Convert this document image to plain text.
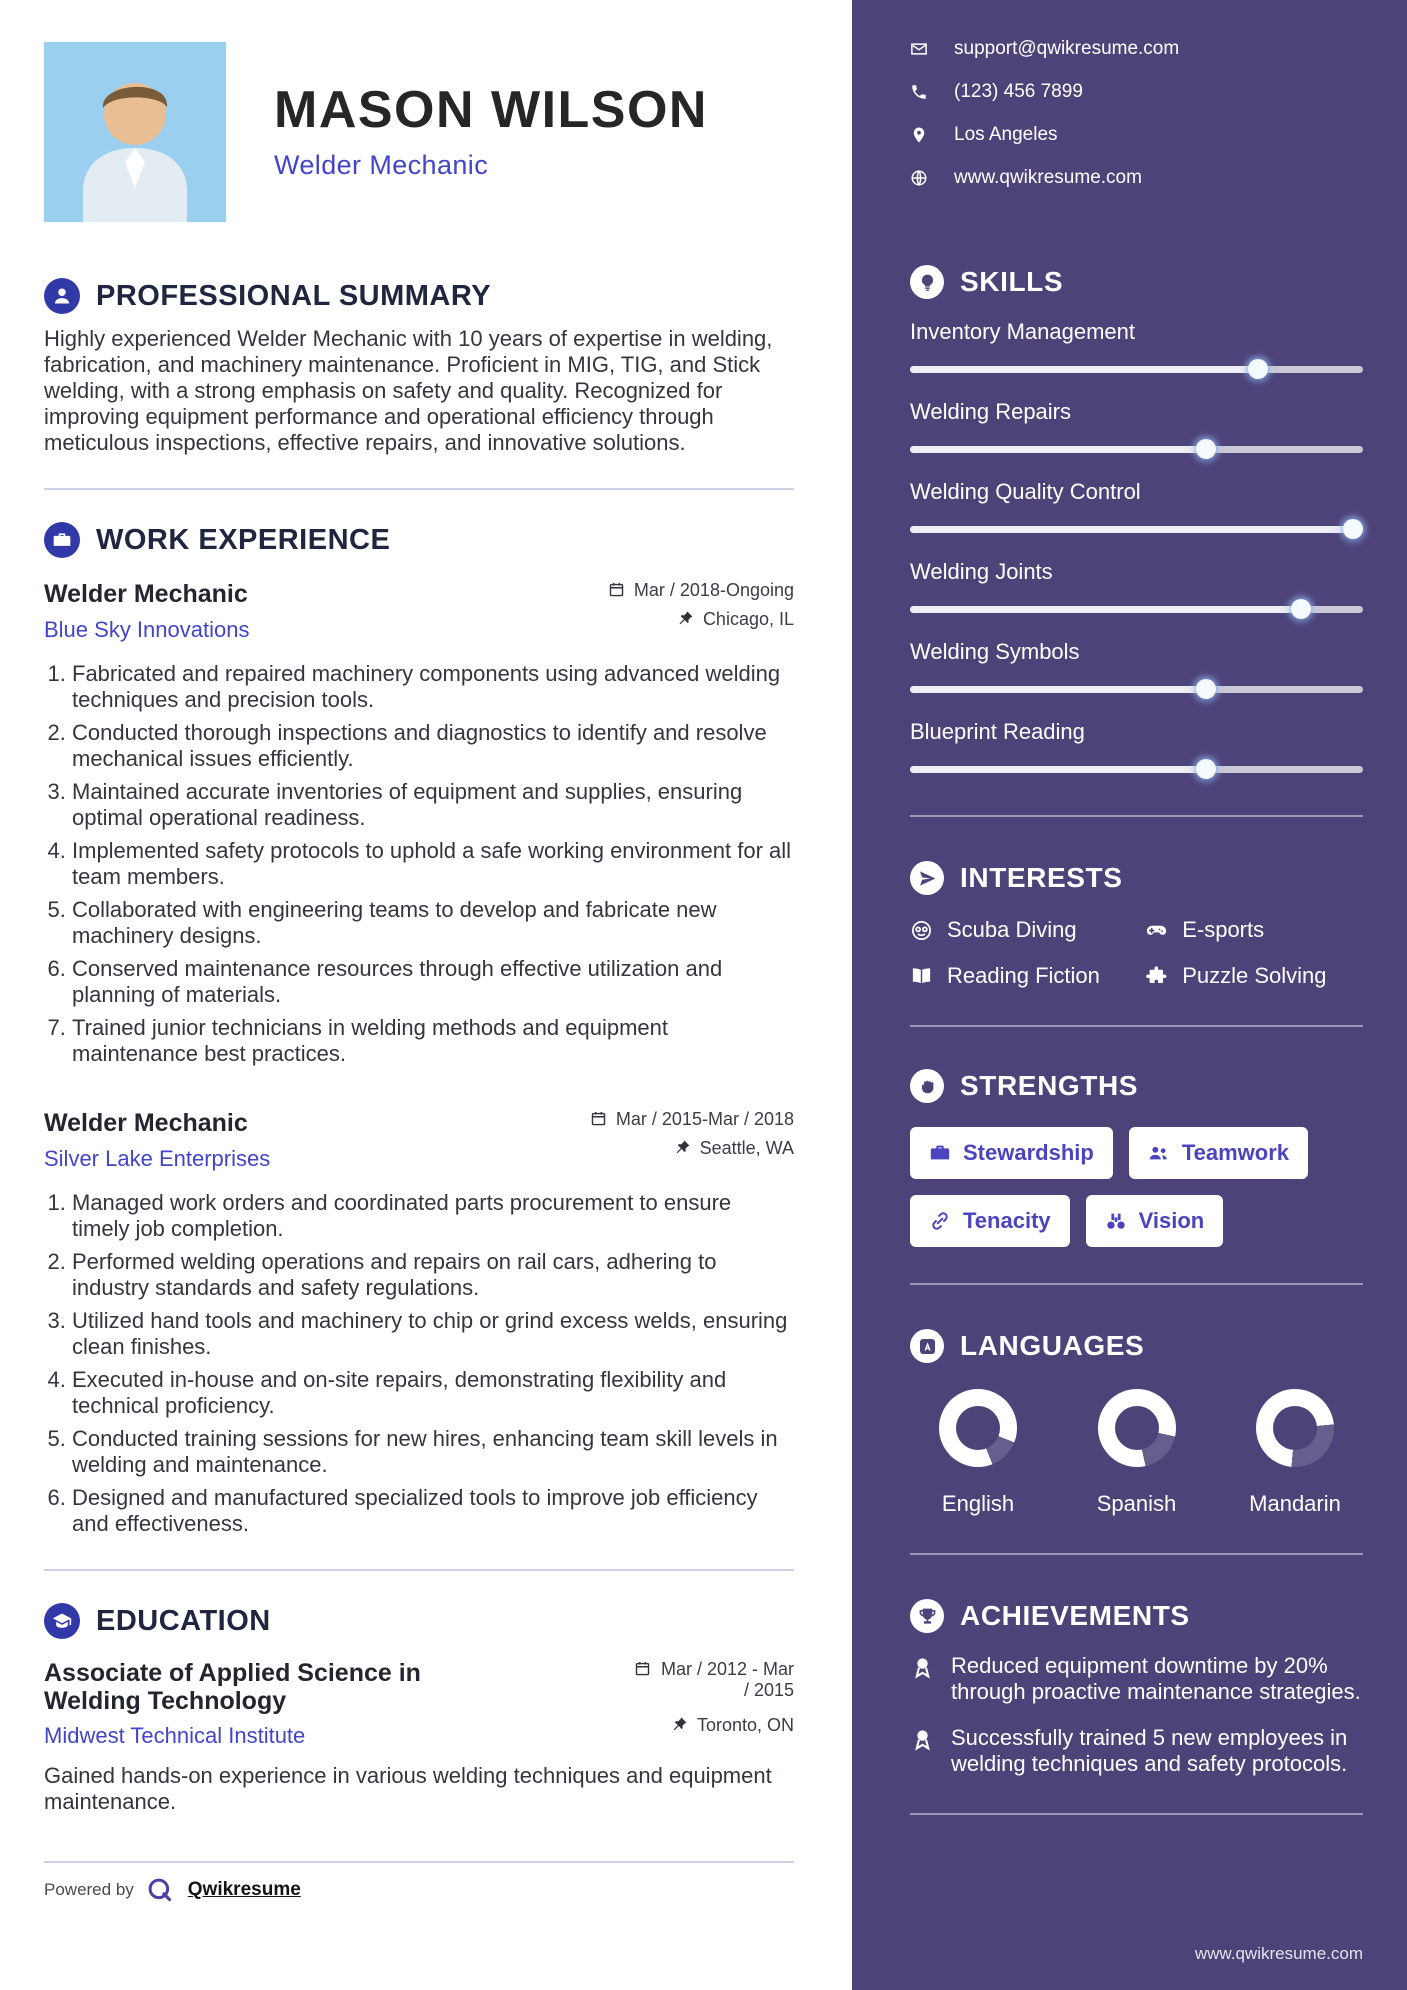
MASON WILSON
Welder Mechanic
PROFESSIONAL SUMMARY

Highly experienced Welder Mechanic with 10 years of expertise in welding, fabrication, and machinery maintenance. Proficient in MIG, TIG, and Stick welding, with a strong emphasis on safety and quality. Recognized for improving equipment performance and operational efficiency through meticulous inspections, effective repairs, and innovative solutions.

WORK EXPERIENCE
Welder Mechanic	Mar / 2018-Ongoing
Blue Sky Innovations	Chicago, IL
1. Fabricated and repaired machinery components using advanced welding techniques and precision tools.
2. Conducted thorough inspections and diagnostics to identify and resolve mechanical issues efficiently.
3. Maintained accurate inventories of equipment and supplies, ensuring optimal operational readiness.
4. Implemented safety protocols to uphold a safe working environment for all team members.
5. Collaborated with engineering teams to develop and fabricate new machinery designs.
6. Conserved maintenance resources through effective utilization and planning of materials.
7. Trained junior technicians in welding methods and equipment maintenance best practices.
Welder Mechanic	Mar / 2015-Mar / 2018
Silver Lake Enterprises	Seattle, WA
1. Managed work orders and coordinated parts procurement to ensure timely job completion.
2. Performed welding operations and repairs on rail cars, adhering to industry standards and safety regulations.
3. Utilized hand tools and machinery to chip or grind excess welds, ensuring clean finishes.
4. Executed in-house and on-site repairs, demonstrating flexibility and technical proficiency.
5. Conducted training sessions for new hires, enhancing team skill levels in welding and maintenance.
6. Designed and manufactured specialized tools to improve job efficiency and effectiveness.
EDUCATION
Associate of Applied Science in Welding Technology
Mar / 2012 - Mar / 2015
Midwest Technical Institute	Toronto, ON

Gained hands-on experience in various welding techniques and equipment maintenance.

Powered by	Qwikresume
support@qwikresume.com
(123) 456 7899
Los Angeles
www.qwikresume.com
SKILLS
Inventory Management
Welding Repairs
Welding Quality Control
Welding Joints
Welding Symbols
Blueprint Reading
INTERESTS
Scuba Diving	E-sports
Reading Fiction	Puzzle Solving
STRENGTHS
Stewardship	Teamwork
Tenacity	Vision
LANGUAGES
English	Spanish	Mandarin
ACHIEVEMENTS
Reduced equipment downtime by 20% through proactive maintenance strategies.
Successfully trained 5 new employees in welding techniques and safety protocols.
www.qwikresume.com
